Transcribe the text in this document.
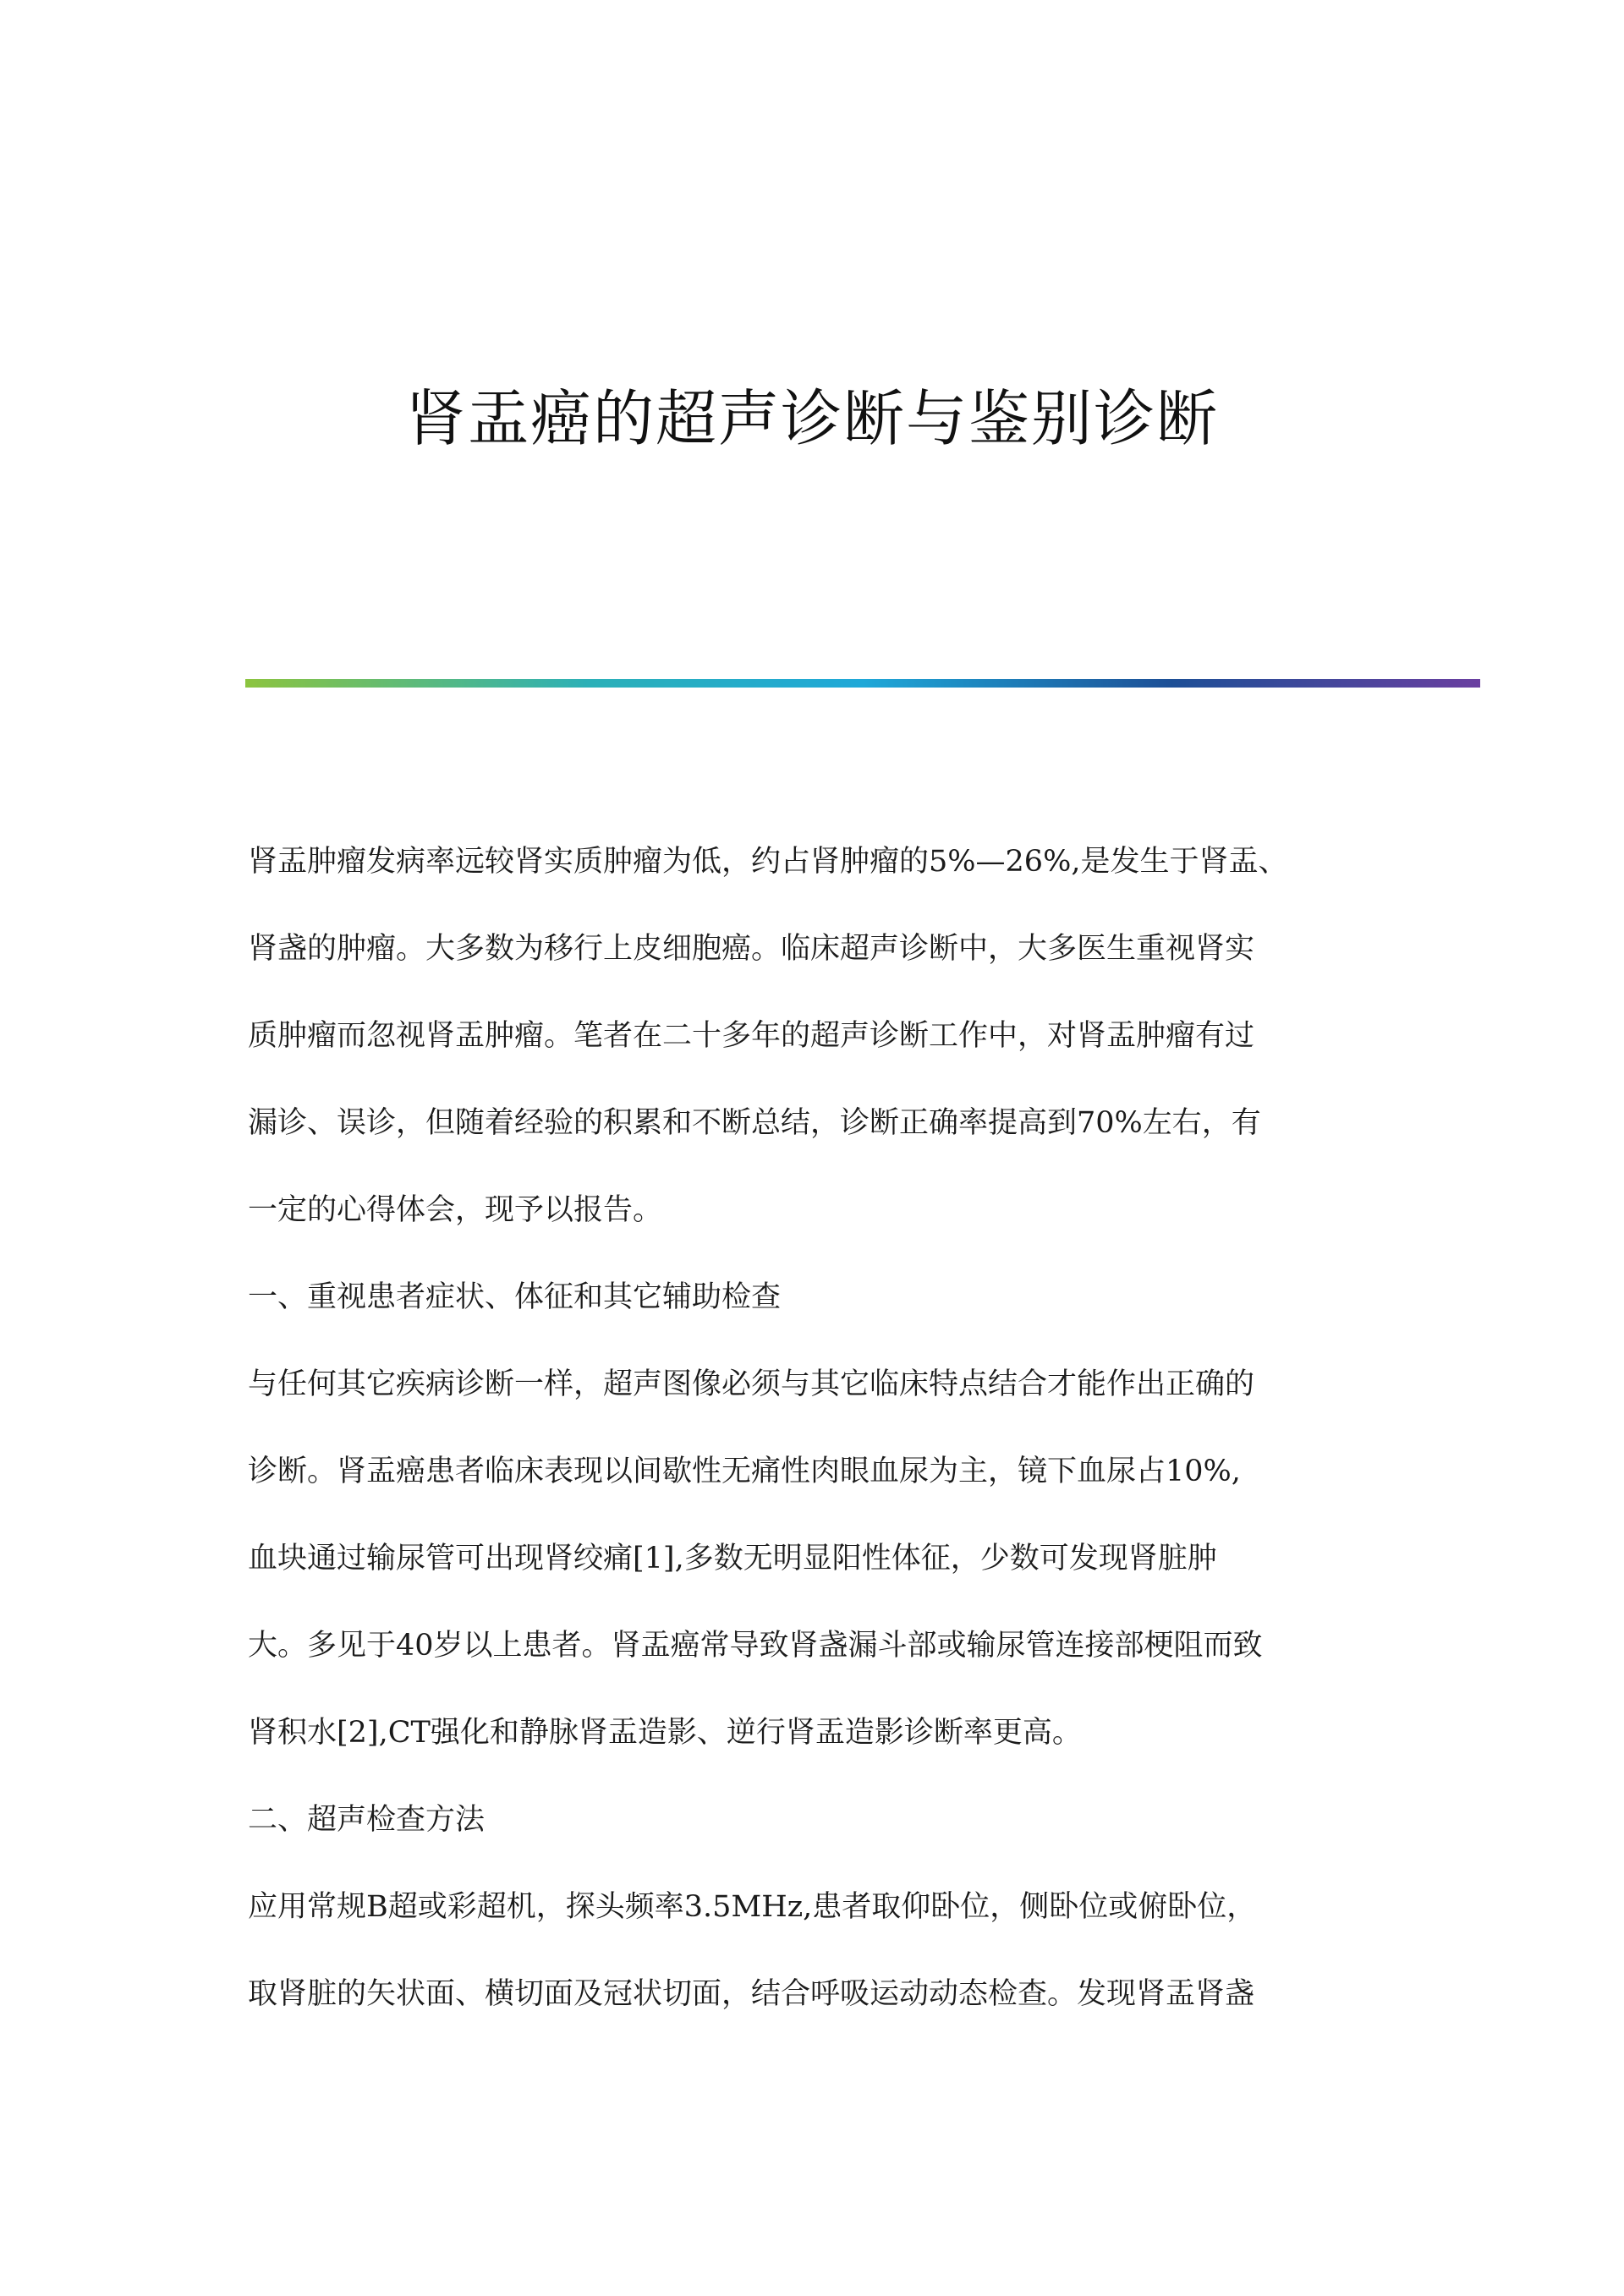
肾盂癌的超声诊断与鉴别诊断
肾盂肿瘤发病率远较肾实质肿瘤为低，约占肾肿瘤的5%—26%,是发生于肾盂、
肾盏的肿瘤。大多数为移行上皮细胞癌。临床超声诊断中，大多医生重视肾实
质肿瘤而忽视肾盂肿瘤。笔者在二十多年的超声诊断工作中，对肾盂肿瘤有过
漏诊、误诊，但随着经验的积累和不断总结，诊断正确率提高到70%左右，有
一定的心得体会，现予以报告。
一、重视患者症状、体征和其它辅助检查
与任何其它疾病诊断一样，超声图像必须与其它临床特点结合才能作出正确的
诊断。肾盂癌患者临床表现以间歇性无痛性肉眼血尿为主，镜下血尿占10%,
血块通过输尿管可出现肾绞痛[1],多数无明显阳性体征，少数可发现肾脏肿
大。多见于40岁以上患者。肾盂癌常导致肾盏漏斗部或输尿管连接部梗阻而致
肾积水[2],CT强化和静脉肾盂造影、逆行肾盂造影诊断率更高。
二、超声检查方法
应用常规B超或彩超机，探头频率3.5MHz,患者取仰卧位，侧卧位或俯卧位，
取肾脏的矢状面、横切面及冠状切面，结合呼吸运动动态检查。发现肾盂肾盏
